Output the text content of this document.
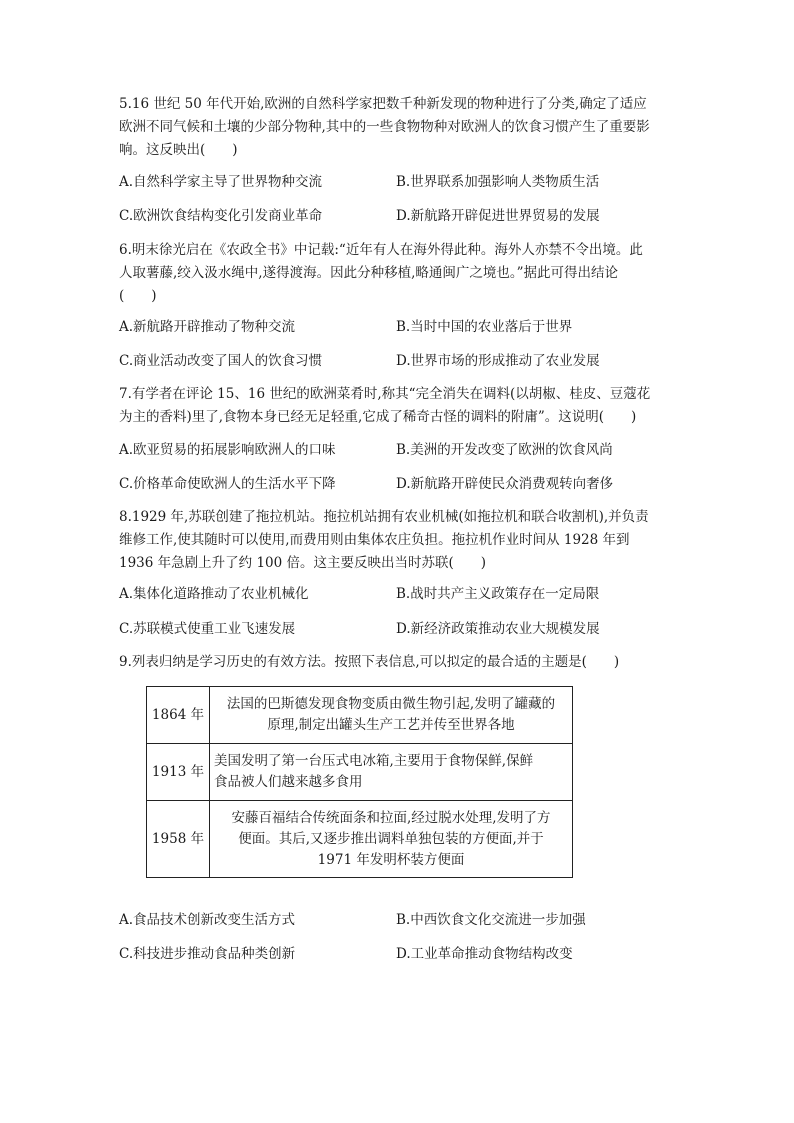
5.16 世纪 50 年代开始,欧洲的自然科学家把数千种新发现的物种进行了分类,确定了适应
欧洲不同气候和土壤的少部分物种,其中的一些食物物种对欧洲人的饮食习惯产生了重要影
响。这反映出(　　)

A.自然科学家主导了世界物种交流	B.世界联系加强影响人类物质生活
C.欧洲饮食结构变化引发商业革命	D.新航路开辟促进世界贸易的发展

6.明末徐光启在《农政全书》中记载:“近年有人在海外得此种。海外人亦禁不令出境。此
人取薯藤,绞入汲水绳中,遂得渡海。因此分种移植,略通闽广之境也。”据此可得出结论
(　　)

A.新航路开辟推动了物种交流	B.当时中国的农业落后于世界
C.商业活动改变了国人的饮食习惯	D.世界市场的形成推动了农业发展

7.有学者在评论 15、16 世纪的欧洲菜肴时,称其“完全消失在调料(以胡椒、桂皮、豆蔻花
为主的香料)里了,食物本身已经无足轻重,它成了稀奇古怪的调料的附庸”。这说明(　　)

A.欧亚贸易的拓展影响欧洲人的口味	B.美洲的开发改变了欧洲的饮食风尚
C.价格革命使欧洲人的生活水平下降	D.新航路开辟使民众消费观转向奢侈

8.1929 年,苏联创建了拖拉机站。拖拉机站拥有农业机械(如拖拉机和联合收割机),并负责
维修工作,使其随时可以使用,而费用则由集体农庄负担。拖拉机作业时间从 1928 年到
1936 年急剧上升了约 100 倍。这主要反映出当时苏联(　　)

A.集体化道路推动了农业机械化	B.战时共产主义政策存在一定局限
C.苏联模式使重工业飞速发展	D.新经济政策推动农业大规模发展

9.列表归纳是学习历史的有效方法。按照下表信息,可以拟定的最合适的主题是(　　)

1864 年	法国的巴斯德发现食物变质由微生物引起,发明了罐藏的
原理,制定出罐头生产工艺并传至世界各地
1913 年	美国发明了第一台压式电冰箱,主要用于食物保鲜,保鲜
食品被人们越来越多食用
1958 年	安藤百福结合传统面条和拉面,经过脱水处理,发明了方
便面。其后,又逐步推出调料单独包装的方便面,并于
1971 年发明杯装方便面
A.食品技术创新改变生活方式	B.中西饮食文化交流进一步加强
C.科技进步推动食品种类创新	D.工业革命推动食物结构改变
